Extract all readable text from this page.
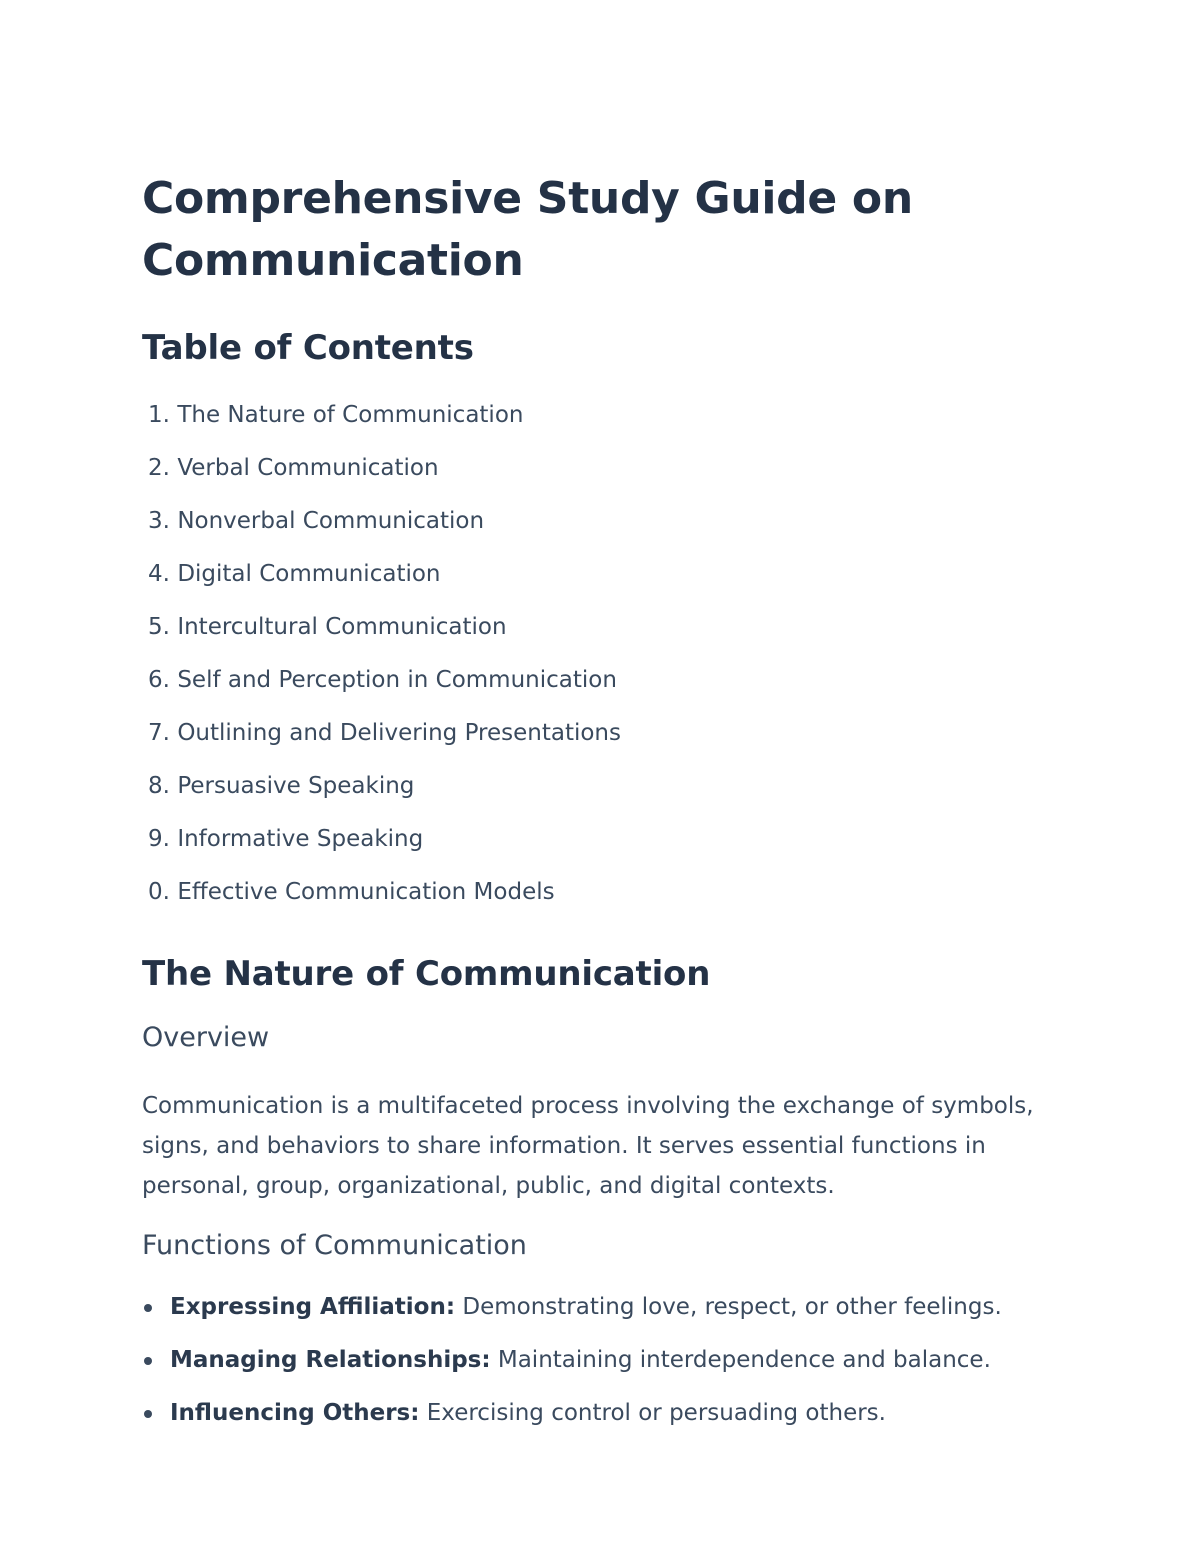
Comprehensive Study Guide on Communication
Table of Contents
1. The Nature of Communication
2. Verbal Communication
3. Nonverbal Communication
4. Digital Communication
5. Intercultural Communication
6. Self and Perception in Communication
7. Outlining and Delivering Presentations
8. Persuasive Speaking
9. Informative Speaking
0. Effective Communication Models
The Nature of Communication
Overview

Communication is a multifaceted process involving the exchange of symbols, signs, and behaviors to share information. It serves essential functions in personal, group, organizational, public, and digital contexts.

Functions of Communication
Expressing Affiliation: Demonstrating love, respect, or other feelings.
Managing Relationships: Maintaining interdependence and balance.
Influencing Others: Exercising control or persuading others.
